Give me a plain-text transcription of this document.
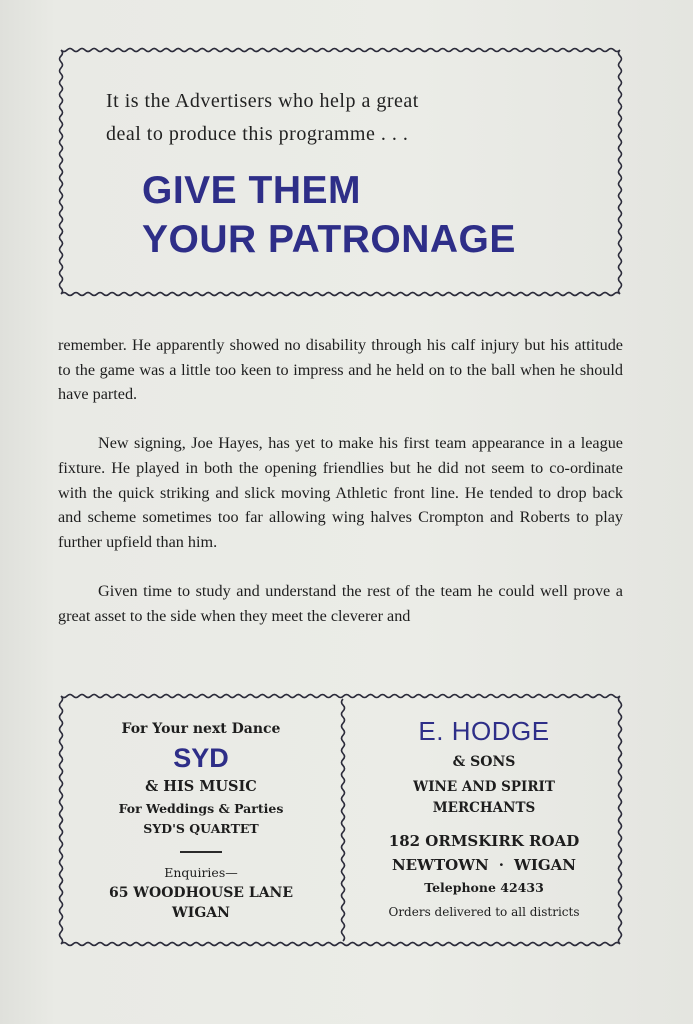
It is the Advertisers who help a great
deal to produce this programme . . .
GIVE THEM
YOUR PATRONAGE

remember. He apparently showed no disability through his calf injury but his attitude to the game was a little too keen to impress and he held on to the ball when he should have parted.

New signing, Joe Hayes, has yet to make his first team appearance in a league fixture. He played in both the opening friendlies but he did not seem to co-ordinate with the quick striking and slick moving Athletic front line. He tended to drop back and scheme sometimes too far allowing wing halves Crompton and Roberts to play further upfield than him.

Given time to study and understand the rest of the team he could well prove a great asset to the side when they meet the cleverer and

For Your next Dance
SYD
& HIS MUSIC
For Weddings & Parties
SYD'S QUARTET
Enquiries—
65 WOODHOUSE LANE
WIGAN
E. HODGE
& SONS
WINE AND SPIRIT
MERCHANTS
182 ORMSKIRK ROAD
NEWTOWN · WIGAN
Telephone 42433
Orders delivered to all districts
